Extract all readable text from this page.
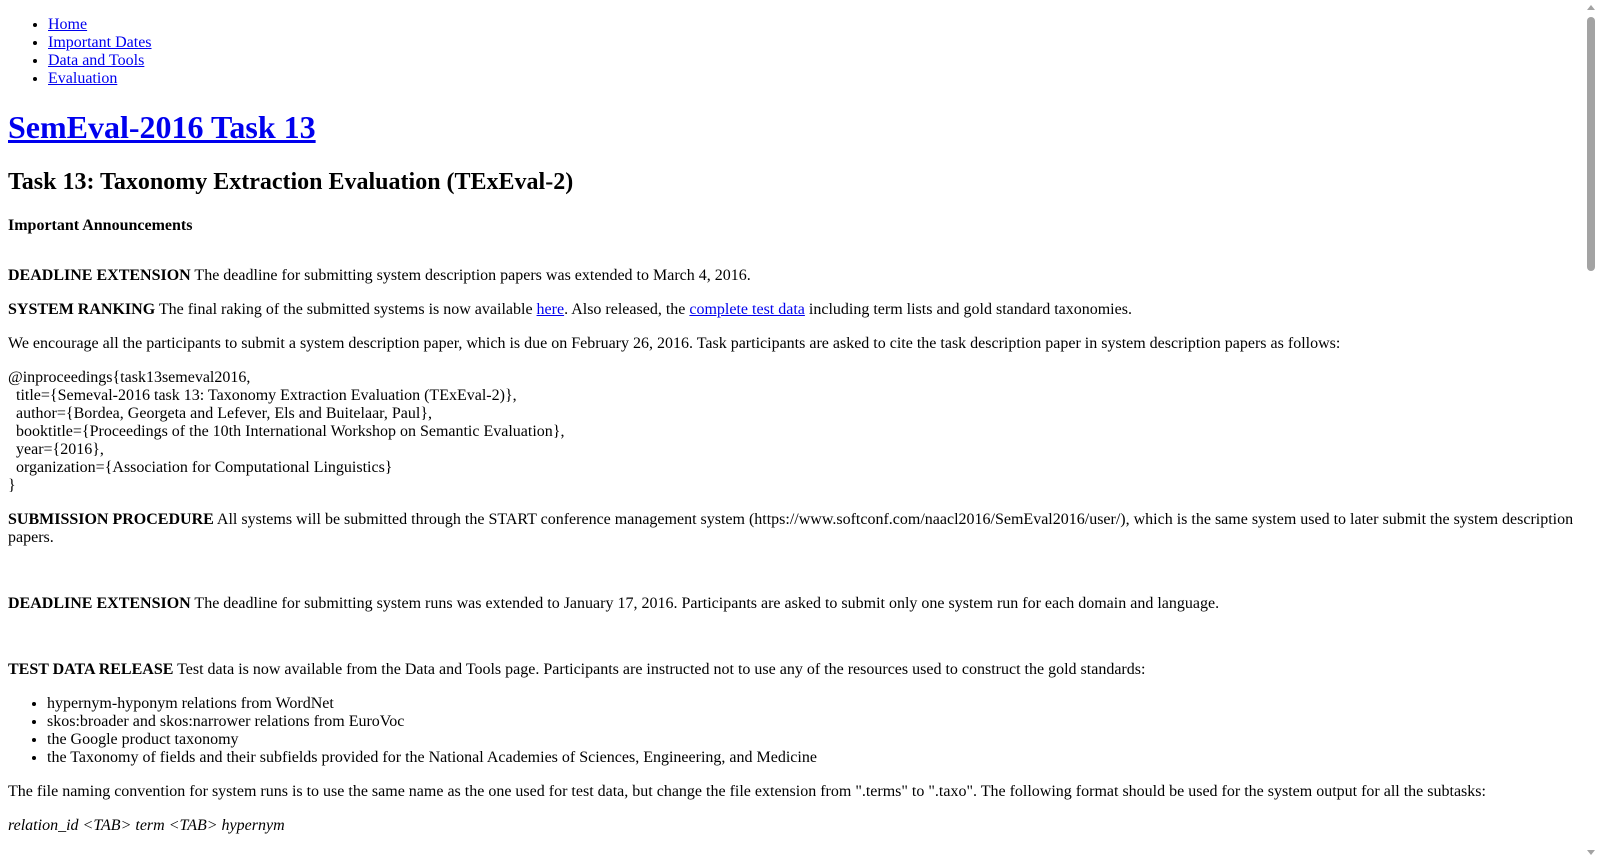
• Home
• Important Dates
• Data and Tools
• Evaluation
SemEval-2016 Task 13
Task 13: Taxonomy Extraction Evaluation (TExEval-2)
Important Announcements

DEADLINE EXTENSION The deadline for submitting system description papers was extended to March 4, 2016.

SYSTEM RANKING The final raking of the submitted systems is now available here. Also released, the complete test data including term lists and gold standard taxonomies.

We encourage all the participants to submit a system description paper, which is due on February 26, 2016. Task participants are asked to cite the task description paper in system description papers as follows:

@inproceedings{task13semeval2016,
title={Semeval-2016 task 13: Taxonomy Extraction Evaluation (TExEval-2)},
author={Bordea, Georgeta and Lefever, Els and Buitelaar, Paul},
booktitle={Proceedings of the 10th International Workshop on Semantic Evaluation},
year={2016},
organization={Association for Computational Linguistics}
}

SUBMISSION PROCEDURE All systems will be submitted through the START conference management system (https://www.softconf.com/naacl2016/SemEval2016/user/), which is the same system used to later submit the system description papers.

DEADLINE EXTENSION The deadline for submitting system runs was extended to January 17, 2016. Participants are asked to submit only one system run for each domain and language.

TEST DATA RELEASE Test data is now available from the Data and Tools page. Participants are instructed not to use any of the resources used to construct the gold standards:

• hypernym-hyponym relations from WordNet
• skos:broader and skos:narrower relations from EuroVoc
• the Google product taxonomy
• the Taxonomy of fields and their subfields provided for the National Academies of Sciences, Engineering, and Medicine

The file naming convention for system runs is to use the same name as the one used for test data, but change the file extension from ".terms" to ".taxo". The following format should be used for the system output for all the subtasks:

relation_id <TAB> term <TAB> hypernym
